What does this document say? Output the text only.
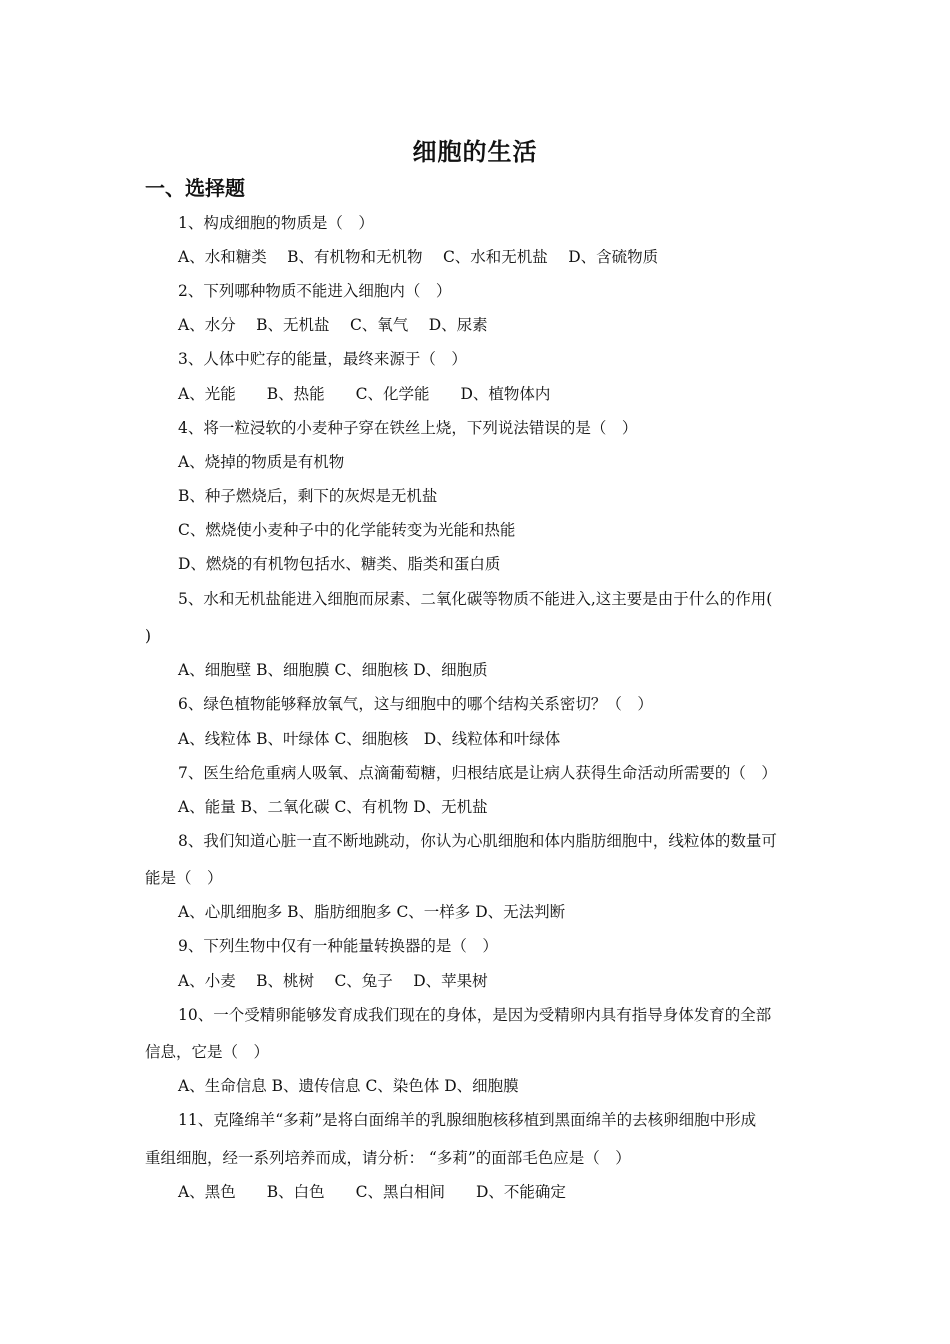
细胞的生活
一、选择题
1、构成细胞的物质是（　）
A、水和糖类　 B、有机物和无机物　 C、水和无机盐　 D、含硫物质
2、下列哪种物质不能进入细胞内（　）
A、水分　 B、无机盐　 C、氧气　 D、尿素
3、人体中贮存的能量，最终来源于（　）
A、光能　　B、热能　　C、化学能　　D、植物体内
4、将一粒浸软的小麦种子穿在铁丝上烧，下列说法错误的是（　）
A、烧掉的物质是有机物
B、种子燃烧后，剩下的灰烬是无机盐
C、燃烧使小麦种子中的化学能转变为光能和热能
D、燃烧的有机物包括水、糖类、脂类和蛋白质
5、水和无机盐能进入细胞而尿素、二氧化碳等物质不能进入,这主要是由于什么的作用(
)
A、细胞壁 B、细胞膜 C、细胞核 D、细胞质
6、绿色植物能够释放氧气，这与细胞中的哪个结构关系密切？（　）
A、线粒体 B、叶绿体 C、细胞核　D、线粒体和叶绿体
7、医生给危重病人吸氧、点滴葡萄糖，归根结底是让病人获得生命活动所需要的（　）
A、能量 B、二氧化碳 C、有机物 D、无机盐
8、我们知道心脏一直不断地跳动，你认为心肌细胞和体内脂肪细胞中，线粒体的数量可
能是（　）
A、心肌细胞多 B、脂肪细胞多 C、一样多 D、无法判断
9、下列生物中仅有一种能量转换器的是（　）
A、小麦　 B、桃树　 C、兔子　 D、苹果树
10、一个受精卵能够发育成我们现在的身体，是因为受精卵内具有指导身体发育的全部
信息，它是（　）
A、生命信息 B、遗传信息 C、染色体 D、细胞膜
11、克隆绵羊“多莉”是将白面绵羊的乳腺细胞核移植到黑面绵羊的去核卵细胞中形成
重组细胞，经一系列培养而成，请分析： “多莉”的面部毛色应是（　）
A、黑色　　B、白色　　C、黑白相间　　D、不能确定
